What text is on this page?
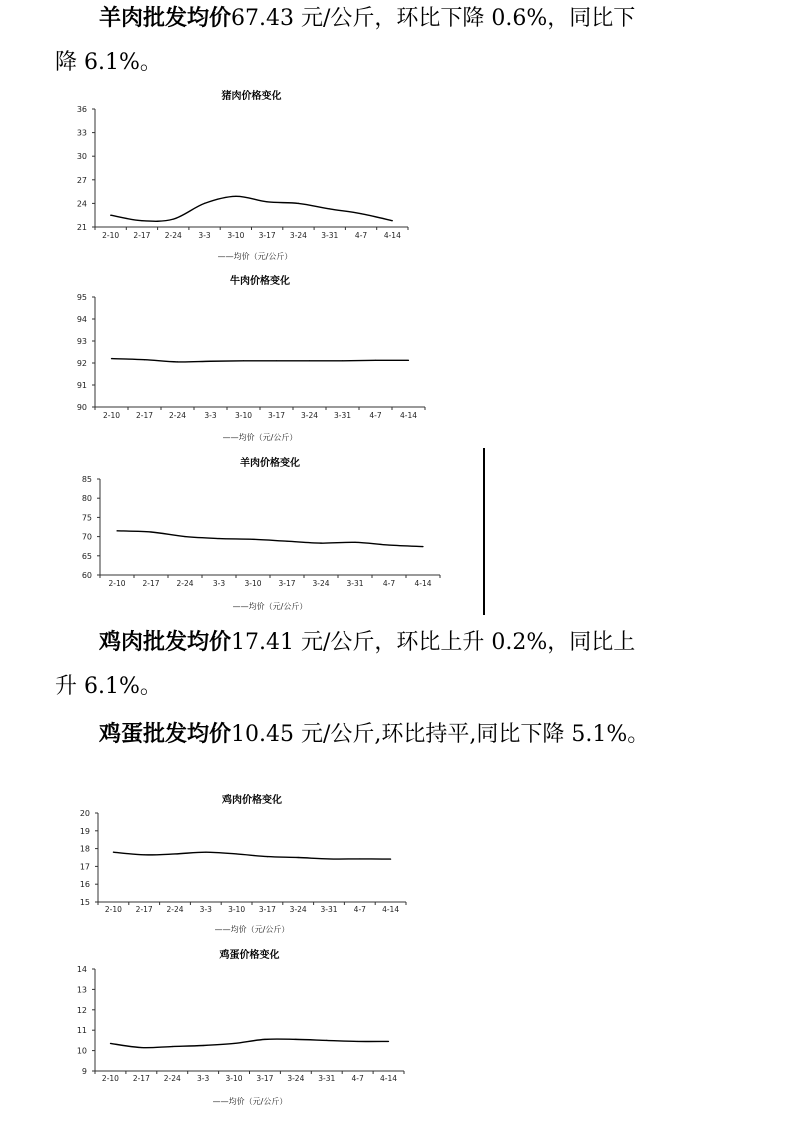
羊肉批发均价67.43 元/公斤，环比下降 0.6%，同比下
降 6.1%。

鸡肉批发均价17.41 元/公斤，环比上升 0.2%，同比上
升 6.1%。

鸡蛋批发均价10.45 元/公斤,环比持平,同比下降 5.1%。

猪肉价格变化
21
24
27
30
33
36
2-10 2-17 2-24 3-3 3-10 3-17 3-24 3-31 4-7 4-14
——均价（元/公斤）
牛肉价格变化
90
91
92
93
94
95
2-10 2-17 2-24 3-3 3-10 3-17 3-24 3-31 4-7 4-14
——均价（元/公斤）
羊肉价格变化
60
65
70
75
80
85
2-10 2-17 2-24	3-3	3-10 3-17 3-24 3-31	4-7	4-14
——均价（元/公斤）
鸡肉价格变化
15
16
17
18
19
20
2-10 2-17 2-24 3-3 3-10 3-17 3-24 3-31 4-7 4-14
——均价（元/公斤）
鸡蛋价格变化
9
10
11
12
13
14
2-10 2-17 2-24 3-3 3-10 3-17 3-24 3-31 4-7 4-14
——均价（元/公斤）
